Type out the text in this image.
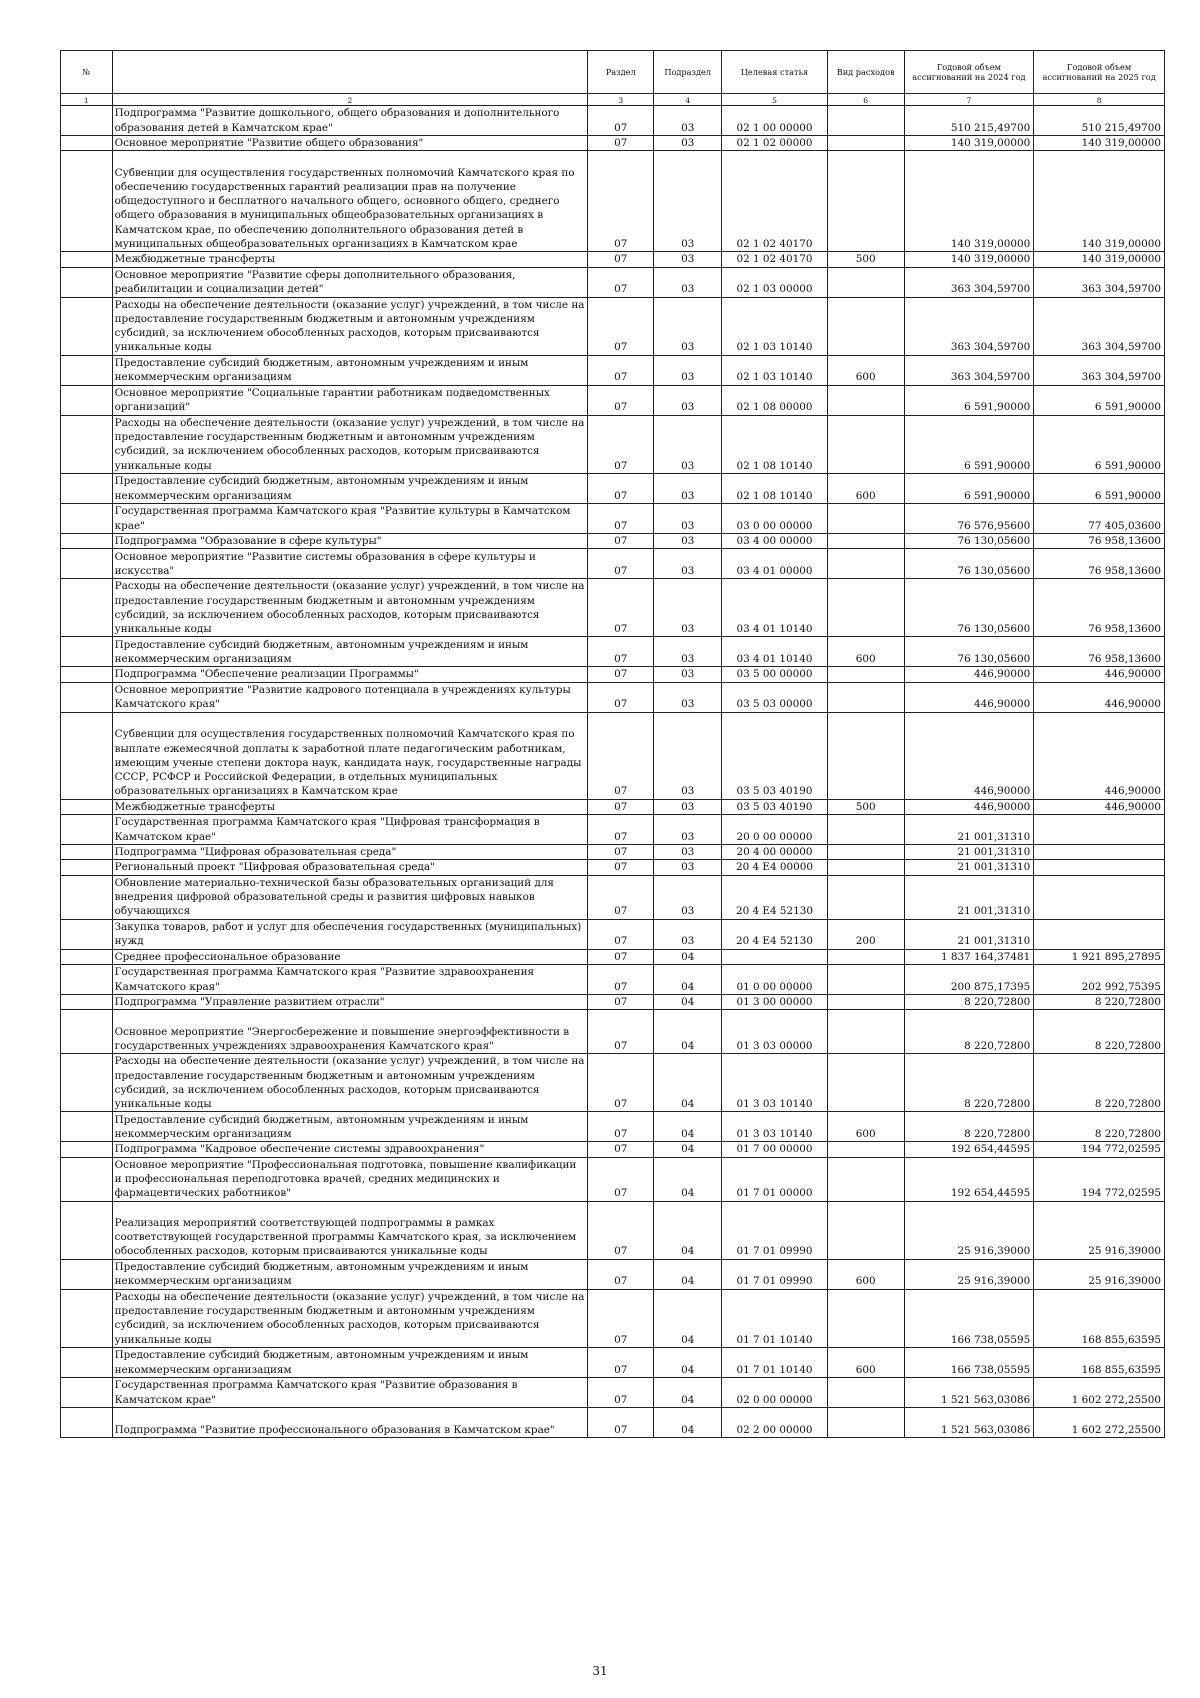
№		Раздел	Подраздел	Целевая статья	Вид расходов	Годовой объем ассигнований на 2024 год	Годовой объем ассигнований на 2025 год
1	2	3	4	5	6	7	8
	Подпрограмма "Развитие дошкольного, общего образования и дополнительного образования детей в Камчатском крае"	07	03	02 1 00 00000		510 215,49700	510 215,49700
	Основное мероприятие "Развитие общего образования"	07	03	02 1 02 00000		140 319,00000	140 319,00000
	Субвенции для осуществления государственных полномочий Камчатского края по обеспечению государственных гарантий реализации прав на получение общедоступного и бесплатного начального общего, основного общего, среднего общего образования в муниципальных общеобразовательных организациях в Камчатском крае, по обеспечению дополнительного образования детей в муниципальных общеобразовательных организациях в Камчатском крае	07	03	02 1 02 40170		140 319,00000	140 319,00000
	Межбюджетные трансферты	07	03	02 1 02 40170	500	140 319,00000	140 319,00000
	Основное мероприятие "Развитие сферы дополнительного образования, реабилитации и социализации детей"	07	03	02 1 03 00000		363 304,59700	363 304,59700
	Расходы на обеспечение деятельности (оказание услуг) учреждений, в том числе на предоставление государственным бюджетным и автономным учреждениям субсидий, за исключением обособленных расходов, которым присваиваются уникальные коды	07	03	02 1 03 10140		363 304,59700	363 304,59700
	Предоставление субсидий бюджетным, автономным учреждениям и иным некоммерческим организациям	07	03	02 1 03 10140	600	363 304,59700	363 304,59700
	Основное мероприятие "Социальные гарантии работникам подведомственных организаций"	07	03	02 1 08 00000		6 591,90000	6 591,90000
	Расходы на обеспечение деятельности (оказание услуг) учреждений, в том числе на предоставление государственным бюджетным и автономным учреждениям субсидий, за исключением обособленных расходов, которым присваиваются уникальные коды	07	03	02 1 08 10140		6 591,90000	6 591,90000
	Предоставление субсидий бюджетным, автономным учреждениям и иным некоммерческим организациям	07	03	02 1 08 10140	600	6 591,90000	6 591,90000
	Государственная программа Камчатского края "Развитие культуры в Камчатском крае"	07	03	03 0 00 00000		76 576,95600	77 405,03600
	Подпрограмма "Образование в сфере культуры"	07	03	03 4 00 00000		76 130,05600	76 958,13600
	Основное мероприятие "Развитие системы образования в сфере культуры и искусства"	07	03	03 4 01 00000		76 130,05600	76 958,13600
	Расходы на обеспечение деятельности (оказание услуг) учреждений, в том числе на предоставление государственным бюджетным и автономным учреждениям субсидий, за исключением обособленных расходов, которым присваиваются уникальные коды	07	03	03 4 01 10140		76 130,05600	76 958,13600
	Предоставление субсидий бюджетным, автономным учреждениям и иным некоммерческим организациям	07	03	03 4 01 10140	600	76 130,05600	76 958,13600
	Подпрограмма "Обеспечение реализации Программы"	07	03	03 5 00 00000		446,90000	446,90000
	Основное мероприятие "Развитие кадрового потенциала в учреждениях культуры Камчатского края"	07	03	03 5 03 00000		446,90000	446,90000
	Субвенции для осуществления государственных полномочий Камчатского края по выплате ежемесячной доплаты к заработной плате педагогическим работникам, имеющим ученые степени доктора наук, кандидата наук, государственные награды СССР, РСФСР и Российской Федерации, в отдельных муниципальных образовательных организациях в Камчатском крае	07	03	03 5 03 40190		446,90000	446,90000
	Межбюджетные трансферты	07	03	03 5 03 40190	500	446,90000	446,90000
	Государственная программа Камчатского края "Цифровая трансформация в Камчатском крае"	07	03	20 0 00 00000		21 001,31310	
	Подпрограмма "Цифровая образовательная среда"	07	03	20 4 00 00000		21 001,31310	
	Региональный проект "Цифровая образовательная среда"	07	03	20 4 E4 00000		21 001,31310	
	Обновление материально-технической базы образовательных организаций для внедрения цифровой образовательной среды и развития цифровых навыков обучающихся	07	03	20 4 E4 52130		21 001,31310	
	Закупка товаров, работ и услуг для обеспечения государственных (муниципальных) нужд	07	03	20 4 E4 52130	200	21 001,31310	
	Среднее профессиональное образование	07	04			1 837 164,37481	1 921 895,27895
	Государственная программа Камчатского края "Развитие здравоохранения Камчатского края"	07	04	01 0 00 00000		200 875,17395	202 992,75395
	Подпрограмма "Управление развитием отрасли"	07	04	01 3 00 00000		8 220,72800	8 220,72800
	Основное мероприятие "Энергосбережение и повышение энергоэффективности в государственных учреждениях здравоохранения Камчатского края"	07	04	01 3 03 00000		8 220,72800	8 220,72800
	Расходы на обеспечение деятельности (оказание услуг) учреждений, в том числе на предоставление государственным бюджетным и автономным учреждениям субсидий, за исключением обособленных расходов, которым присваиваются уникальные коды	07	04	01 3 03 10140		8 220,72800	8 220,72800
	Предоставление субсидий бюджетным, автономным учреждениям и иным некоммерческим организациям	07	04	01 3 03 10140	600	8 220,72800	8 220,72800
	Подпрограмма "Кадровое обеспечение системы здравоохранения"	07	04	01 7 00 00000		192 654,44595	194 772,02595
	Основное мероприятие "Профессиональная подготовка, повышение квалификации и профессиональная переподготовка врачей, средних медицинских и фармацевтических работников"	07	04	01 7 01 00000		192 654,44595	194 772,02595
	Реализация мероприятий соответствующей подпрограммы в рамках соответствующей государственной программы Камчатского края, за исключением обособленных расходов, которым присваиваются уникальные коды	07	04	01 7 01 09990		25 916,39000	25 916,39000
	Предоставление субсидий бюджетным, автономным учреждениям и иным некоммерческим организациям	07	04	01 7 01 09990	600	25 916,39000	25 916,39000
	Расходы на обеспечение деятельности (оказание услуг) учреждений, в том числе на предоставление государственным бюджетным и автономным учреждениям субсидий, за исключением обособленных расходов, которым присваиваются уникальные коды	07	04	01 7 01 10140		166 738,05595	168 855,63595
	Предоставление субсидий бюджетным, автономным учреждениям и иным некоммерческим организациям	07	04	01 7 01 10140	600	166 738,05595	168 855,63595
	Государственная программа Камчатского края "Развитие образования в Камчатском крае"	07	04	02 0 00 00000		1 521 563,03086	1 602 272,25500
	Подпрограмма "Развитие профессионального образования в Камчатском крае"	07	04	02 2 00 00000		1 521 563,03086	1 602 272,25500
31
